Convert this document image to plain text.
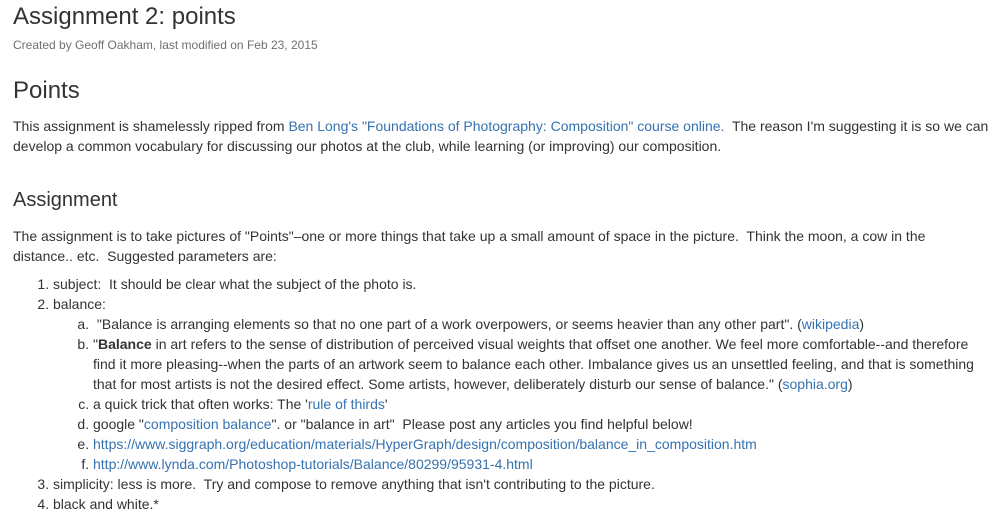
Assignment 2: points
Created by Geoff Oakham, last modified on Feb 23, 2015
Points

This assignment is shamelessly ripped from Ben Long's "Foundations of Photography: Composition" course online.  The reason I'm suggesting it is so we can develop a common vocabulary for discussing our photos at the club, while learning (or improving) our composition.

Assignment

The assignment is to take pictures of "Points"–one or more things that take up a small amount of space in the picture.  Think the moon, a cow in the distance.. etc.  Suggested parameters are:

1. subject:  It should be clear what the subject of the photo is.
2. balance:
a.  "Balance is arranging elements so that no one part of a work overpowers, or seems heavier than any other part". (wikipedia)
b. "Balance in art refers to the sense of distribution of perceived visual weights that offset one another. We feel more comfortable--and therefore find it more pleasing--when the parts of an artwork seem to balance each other. Imbalance gives us an unsettled feeling, and that is something that for most artists is not the desired effect. Some artists, however, deliberately disturb our sense of balance." (sophia.org)
c. a quick trick that often works: The 'rule of thirds'
d. google "composition balance". or "balance in art"  Please post any articles you find helpful below!
e. https://www.siggraph.org/education/materials/HyperGraph/design/composition/balance_in_composition.htm
f. http://www.lynda.com/Photoshop-tutorials/Balance/80299/95931-4.html
3. simplicity: less is more.  Try and compose to remove anything that isn't contributing to the picture.
4. black and white.*
